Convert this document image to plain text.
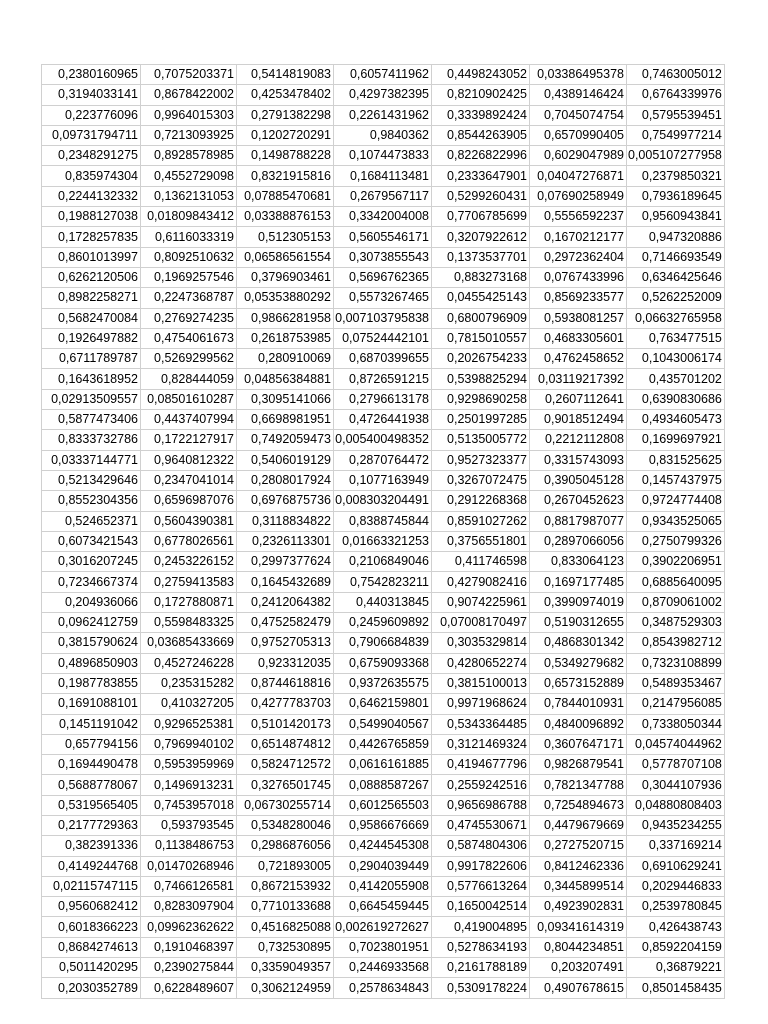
0,2380160965	0,7075203371	0,5414819083	0,6057411962	0,4498243052	0,03386495378	0,7463005012
0,3194033141	0,8678422002	0,4253478402	0,4297382395	0,8210902425	0,4389146424	0,6764339976
0,223776096	0,9964015303	0,2791382298	0,2261431962	0,3339892424	0,7045074754	0,5795539451
0,09731794711	0,7213093925	0,1202720291	0,9840362	0,8544263905	0,6570990405	0,7549977214
0,2348291275	0,8928578985	0,1498788228	0,1074473833	0,8226822996	0,6029047989	0,005107277958
0,835974304	0,4552729098	0,8321915816	0,1684113481	0,2333647901	0,04047276871	0,2379850321
0,2244132332	0,1362131053	0,07885470681	0,2679567117	0,5299260431	0,07690258949	0,7936189645
0,1988127038	0,01809843412	0,03388876153	0,3342004008	0,7706785699	0,5556592237	0,9560943841
0,1728257835	0,6116033319	0,512305153	0,5605546171	0,3207922612	0,1670212177	0,947320886
0,8601013997	0,8092510632	0,06586561554	0,3073855543	0,1373537701	0,2972362404	0,7146693549
0,6262120506	0,1969257546	0,3796903461	0,5696762365	0,883273168	0,0767433996	0,6346425646
0,8982258271	0,2247368787	0,05353880292	0,5573267465	0,0455425143	0,8569233577	0,5262252009
0,5682470084	0,2769274235	0,9866281958	0,007103795838	0,6800796909	0,5938081257	0,06632765958
0,1926497882	0,4754061673	0,2618753985	0,07524442101	0,7815010557	0,4683305601	0,763477515
0,6711789787	0,5269299562	0,280910069	0,6870399655	0,2026754233	0,4762458652	0,1043006174
0,1643618952	0,828444059	0,04856384881	0,8726591215	0,5398825294	0,03119217392	0,435701202
0,02913509557	0,08501610287	0,3095141066	0,2796613178	0,9298690258	0,2607112641	0,6390830686
0,5877473406	0,4437407994	0,6698981951	0,4726441938	0,2501997285	0,9018512494	0,4934605473
0,8333732786	0,1722127917	0,7492059473	0,005400498352	0,5135005772	0,2212112808	0,1699697921
0,03337144771	0,9640812322	0,5406019129	0,2870764472	0,9527323377	0,3315743093	0,831525625
0,5213429646	0,2347041014	0,2808017924	0,1077163949	0,3267072475	0,3905045128	0,1457437975
0,8552304356	0,6596987076	0,6976875736	0,008303204491	0,2912268368	0,2670452623	0,9724774408
0,524652371	0,5604390381	0,3118834822	0,8388745844	0,8591027262	0,8817987077	0,9343525065
0,6073421543	0,6778026561	0,2326113301	0,01663321253	0,3756551801	0,2897066056	0,2750799326
0,3016207245	0,2453226152	0,2997377624	0,2106849046	0,411746598	0,833064123	0,3902206951
0,7234667374	0,2759413583	0,1645432689	0,7542823211	0,4279082416	0,1697177485	0,6885640095
0,204936066	0,1727880871	0,2412064382	0,440313845	0,9074225961	0,3990974019	0,8709061002
0,0962412759	0,5598483325	0,4752582479	0,2459609892	0,07008170497	0,5190312655	0,3487529303
0,3815790624	0,03685433669	0,9752705313	0,7906684839	0,3035329814	0,4868301342	0,8543982712
0,4896850903	0,4527246228	0,923312035	0,6759093368	0,4280652274	0,5349279682	0,7323108899
0,1987783855	0,235315282	0,8744618816	0,9372635575	0,3815100013	0,6573152889	0,5489353467
0,1691088101	0,410327205	0,4277783703	0,6462159801	0,9971968624	0,7844010931	0,2147956085
0,1451191042	0,9296525381	0,5101420173	0,5499040567	0,5343364485	0,4840096892	0,7338050344
0,657794156	0,7969940102	0,6514874812	0,4426765859	0,3121469324	0,3607647171	0,04574044962
0,1694490478	0,5953959969	0,5824712572	0,0616161885	0,4194677796	0,9826879541	0,5778707108
0,5688778067	0,1496913231	0,3276501745	0,0888587267	0,2559242516	0,7821347788	0,3044107936
0,5319565405	0,7453957018	0,06730255714	0,6012565503	0,9656986788	0,7254894673	0,04880808403
0,2177729363	0,593793545	0,5348280046	0,9586676669	0,4745530671	0,4479679669	0,9435234255
0,382391336	0,1138486753	0,2986876056	0,4244545308	0,5874804306	0,2727520715	0,337169214
0,4149244768	0,01470268946	0,721893005	0,2904039449	0,9917822606	0,8412462336	0,6910629241
0,02115747115	0,7466126581	0,8672153932	0,4142055908	0,5776613264	0,3445899514	0,2029446833
0,9560682412	0,8283097904	0,7710133688	0,6645459445	0,1650042514	0,4923902831	0,2539780845
0,6018366223	0,09962362622	0,4516825088	0,002619272627	0,419004895	0,09341614319	0,426438743
0,8684274613	0,1910468397	0,732530895	0,7023801951	0,5278634193	0,8044234851	0,8592204159
0,5011420295	0,2390275844	0,3359049357	0,2446933568	0,2161788189	0,203207491	0,36879221
0,2030352789	0,6228489607	0,3062124959	0,2578634843	0,5309178224	0,4907678615	0,8501458435
